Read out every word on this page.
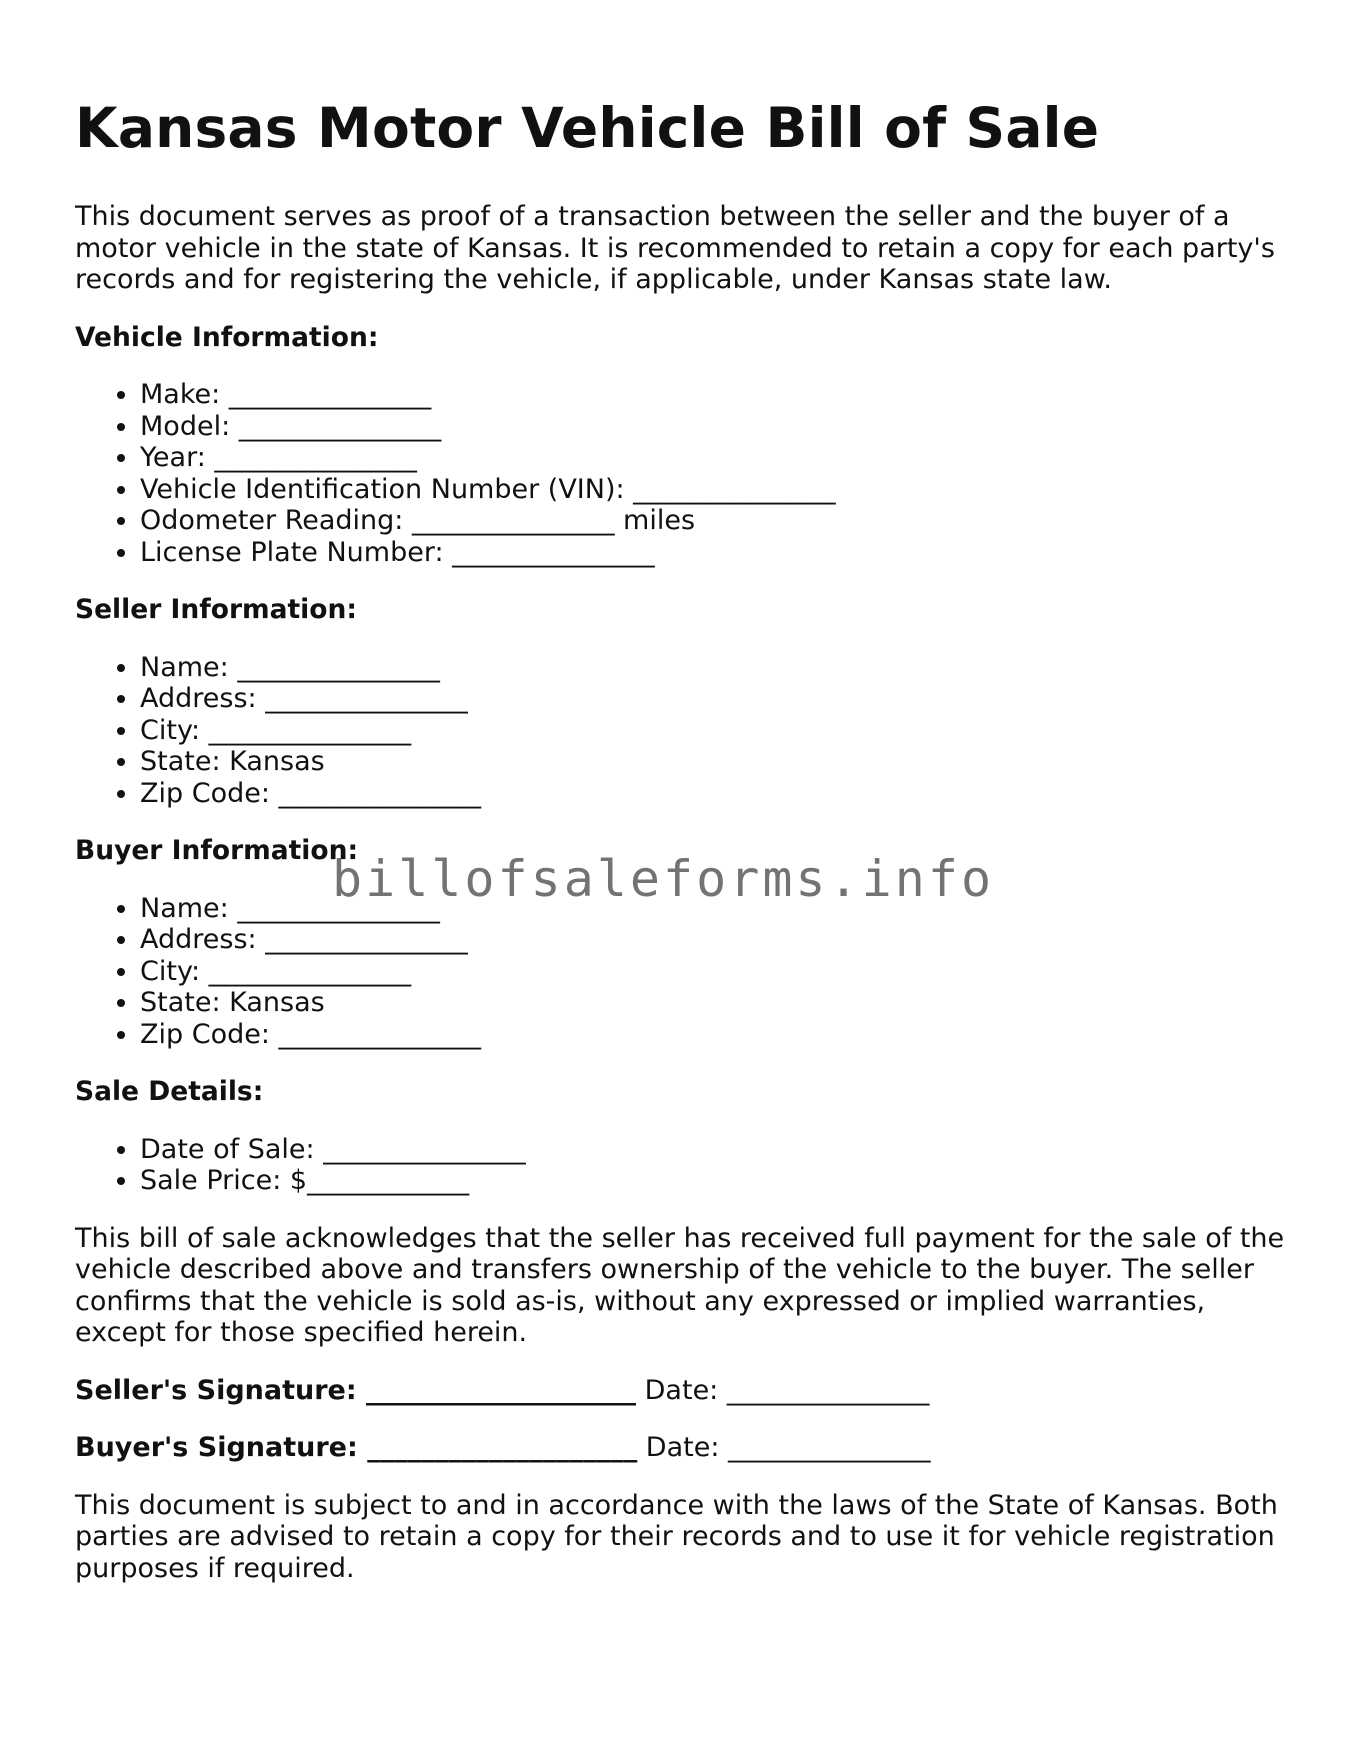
Kansas Motor Vehicle Bill of Sale

This document serves as proof of a transaction between the seller and the buyer of a motor vehicle in the state of Kansas. It is recommended to retain a copy for each party's records and for registering the vehicle, if applicable, under Kansas state law.

Vehicle Information:
• Make: _______________
• Model: _______________
• Year: _______________
• Vehicle Identification Number (VIN): _______________
• Odometer Reading: _______________ miles
• License Plate Number: _______________
Seller Information:
• Name: _______________
• Address: _______________
• City: _______________
• State: Kansas
• Zip Code: _______________
Buyer Information:
• Name: _______________
• Address: _______________
• City: _______________
• State: Kansas
• Zip Code: _______________
Sale Details:
• Date of Sale: _______________
• Sale Price: $____________

This bill of sale acknowledges that the seller has received full payment for the sale of the vehicle described above and transfers ownership of the vehicle to the buyer. The seller confirms that the vehicle is sold as-is, without any expressed or implied warranties, except for those specified herein.

Seller's Signature: ____________________ Date: _______________
Buyer's Signature: ____________________ Date: _______________

This document is subject to and in accordance with the laws of the State of Kansas. Both parties are advised to retain a copy for their records and to use it for vehicle registration purposes if required.

billofsaleforms.info
